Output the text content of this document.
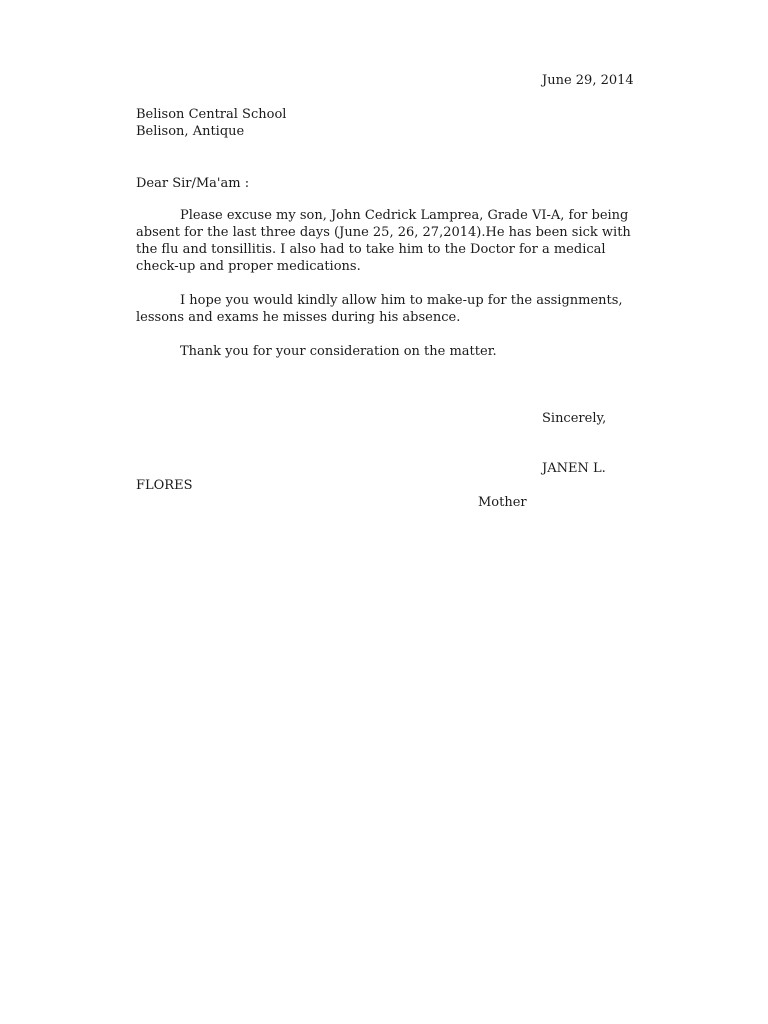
June 29, 2014
Belison Central School
Belison, Antique
Dear Sir/Ma'am :
Please excuse my son, John Cedrick Lamprea, Grade VI-A, for being
absent for the last three days (June 25, 26, 27,2014).He has been sick with
the flu and tonsillitis. I also had to take him to the Doctor for a medical
check-up and proper medications.
I hope you would kindly allow him to make-up for the assignments,
lessons and exams he misses during his absence.
Thank you for your consideration on the matter.
Sincerely,
JANEN L.
FLORES
Mother
